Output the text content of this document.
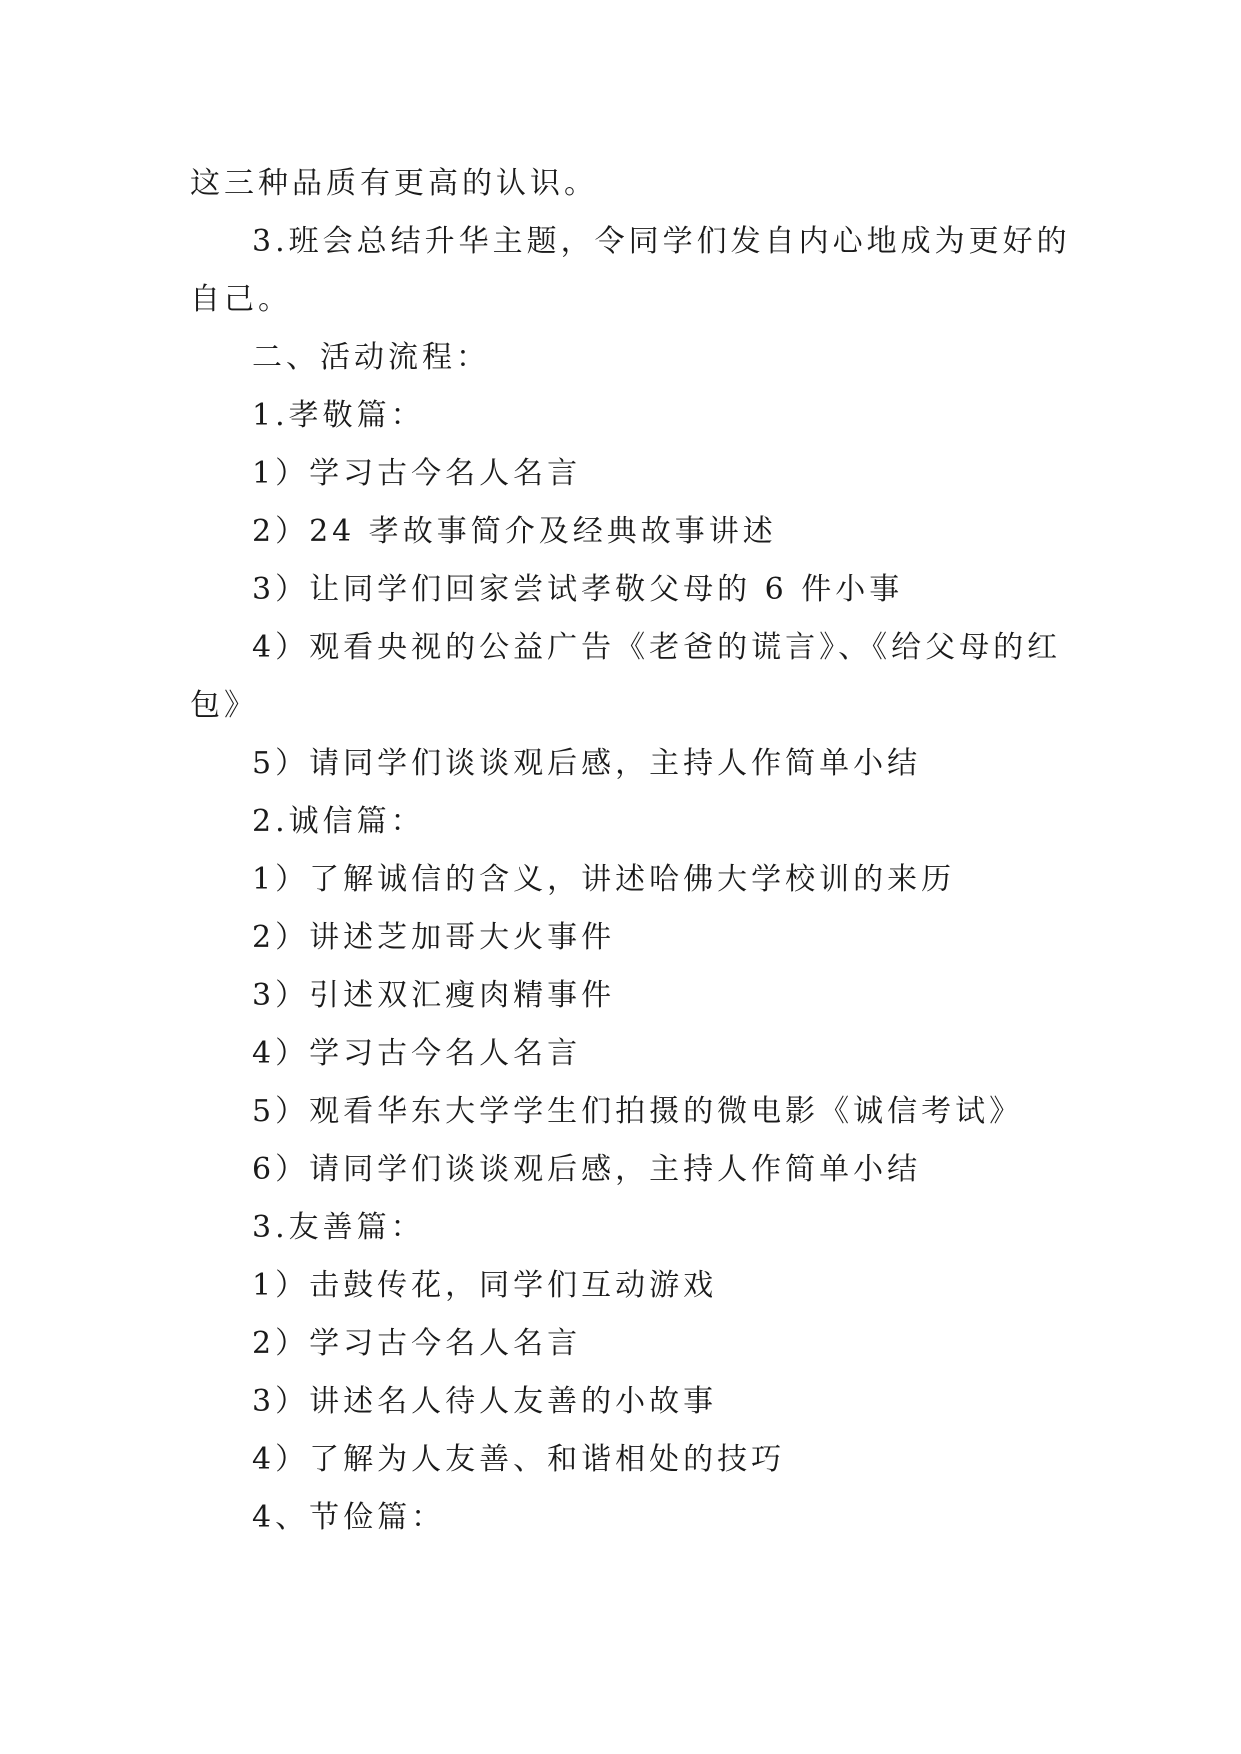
这三种品质有更高的认识。
3.班会总结升华主题，令同学们发自内心地成为更好的
自己。
二、活动流程：
1.孝敬篇：
1）学习古今名人名言
2）24 孝故事简介及经典故事讲述
3）让同学们回家尝试孝敬父母的 6 件小事
4）观看央视的公益广告《老爸的谎言》、《给父母的红
包》
5）请同学们谈谈观后感，主持人作简单小结
2.诚信篇：
1）了解诚信的含义，讲述哈佛大学校训的来历
2）讲述芝加哥大火事件
3）引述双汇瘦肉精事件
4）学习古今名人名言
5）观看华东大学学生们拍摄的微电影《诚信考试》
6）请同学们谈谈观后感，主持人作简单小结
3.友善篇：
1）击鼓传花，同学们互动游戏
2）学习古今名人名言
3）讲述名人待人友善的小故事
4）了解为人友善、和谐相处的技巧
4、节俭篇：
